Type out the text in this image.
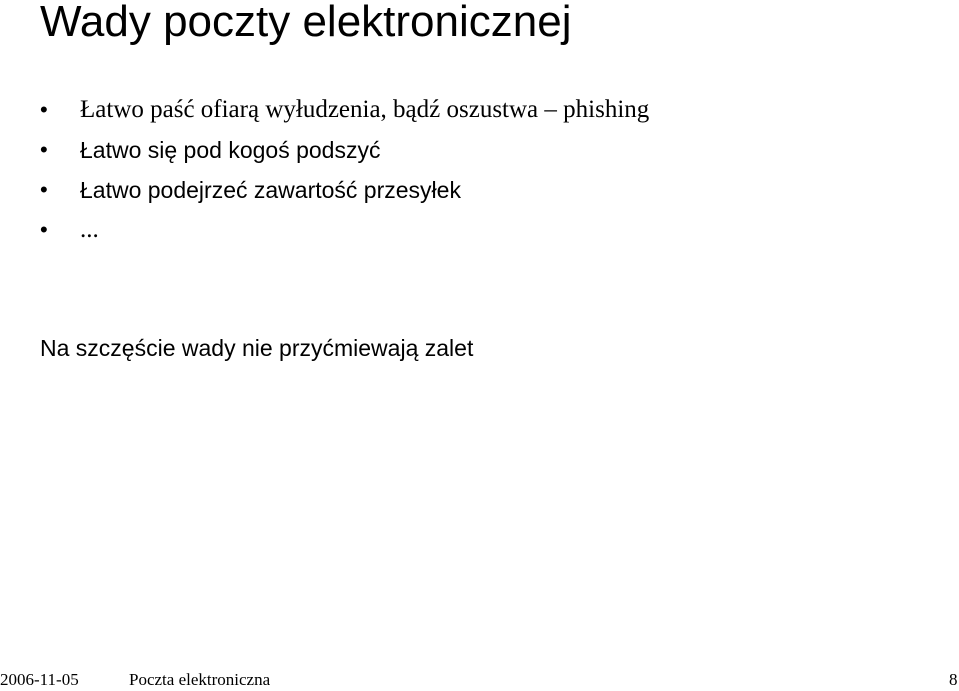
Wady poczty elektronicznej
• Łatwo paść ofiarą wyłudzenia, bądź oszustwa – phishing
• Łatwo się pod kogoś podszyć
• Łatwo podejrzeć zawartość przesyłek
• ...
Na szczęście wady nie przyćmiewają zalet
2006-11-05	Poczta elektroniczna	8
